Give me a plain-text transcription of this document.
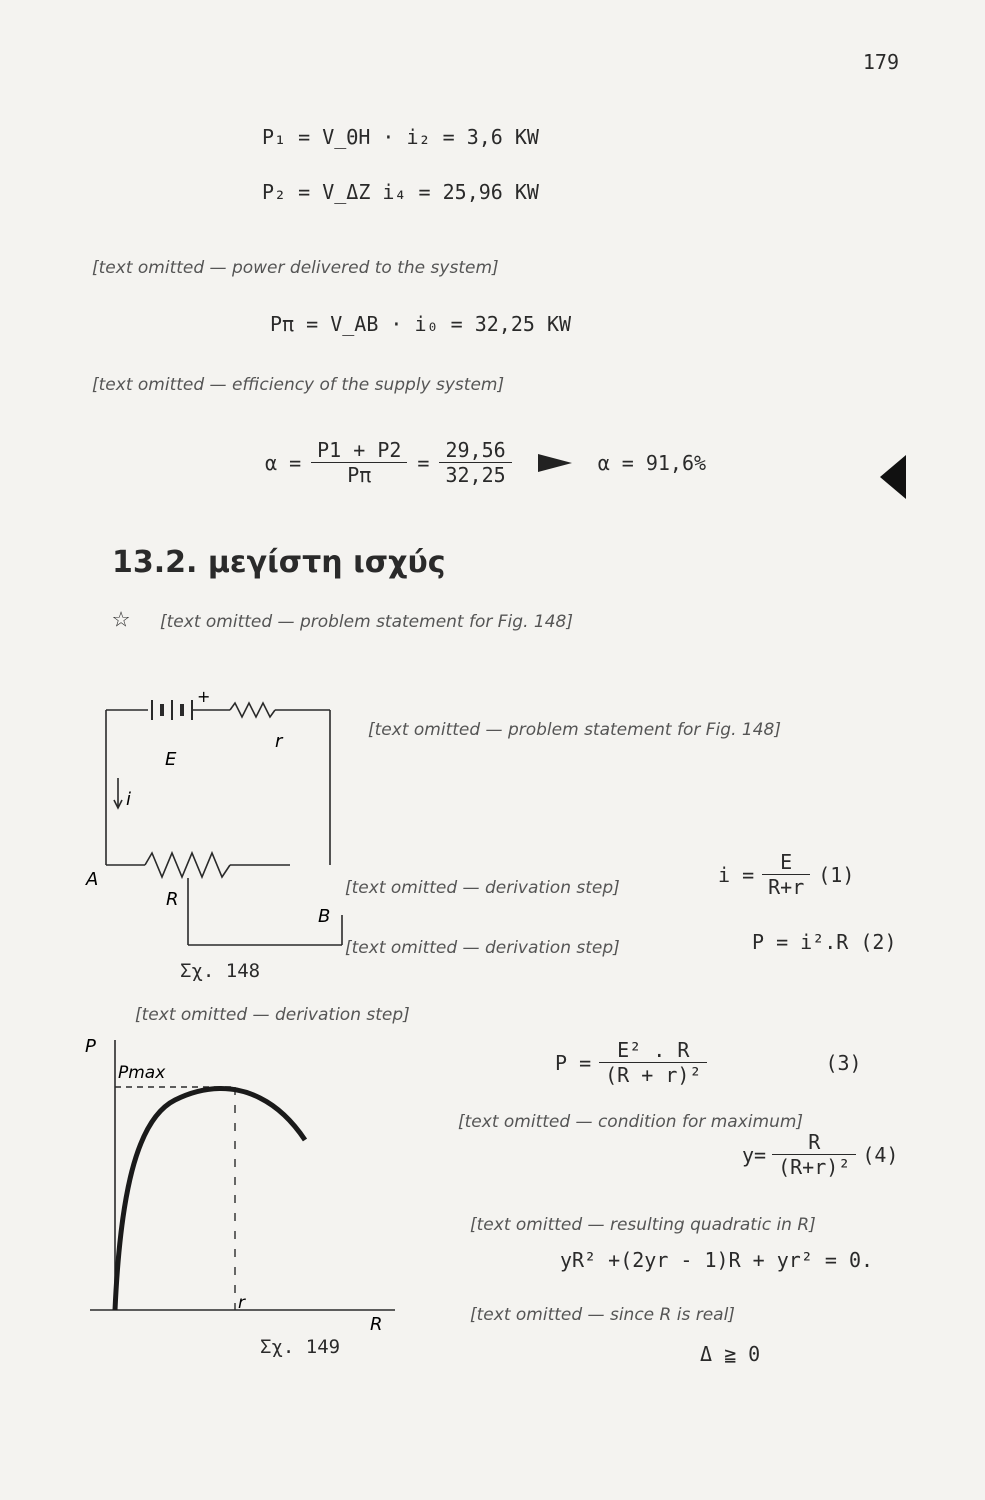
179
P₁ = V_ΘΗ · i₂ = 3,6 KW
P₂ = V_ΔΖ i₄ = 25,96 KW
[text omitted — power delivered to the system]
Pπ = V_AB · i₀ = 32,25 KW
[text omitted — efficiency of the supply system]
$\alpha = \frac{P1 + P2}{P\pi} = \frac{29,56}{32,25}$	α = 91,6%
13.2. μεγίστη ισχύς
☆ [text omitted — problem statement for Fig. 148]
+
E
r
i
A
R
B
Σχ. 148
[text omitted — problem statement for Fig. 148]
[text omitted — derivation step]
$i = \frac{E}{R+r} (1)$
[text omitted — derivation step]	P = i².R (2)
[text omitted — derivation step]
$P = \frac{\text{E² . R}}{\text{(R + r)²}}$	(3)
[text omitted — condition for maximum]
$y= \frac{R}{\text{(R+r)²}} (4)$
[text omitted — resulting quadratic in R]
yR² +(2yr - 1)R + yr² = 0.
[text omitted — since R is real]
Δ ≧ 0
P
R
Pmax
r
Σχ. 149
